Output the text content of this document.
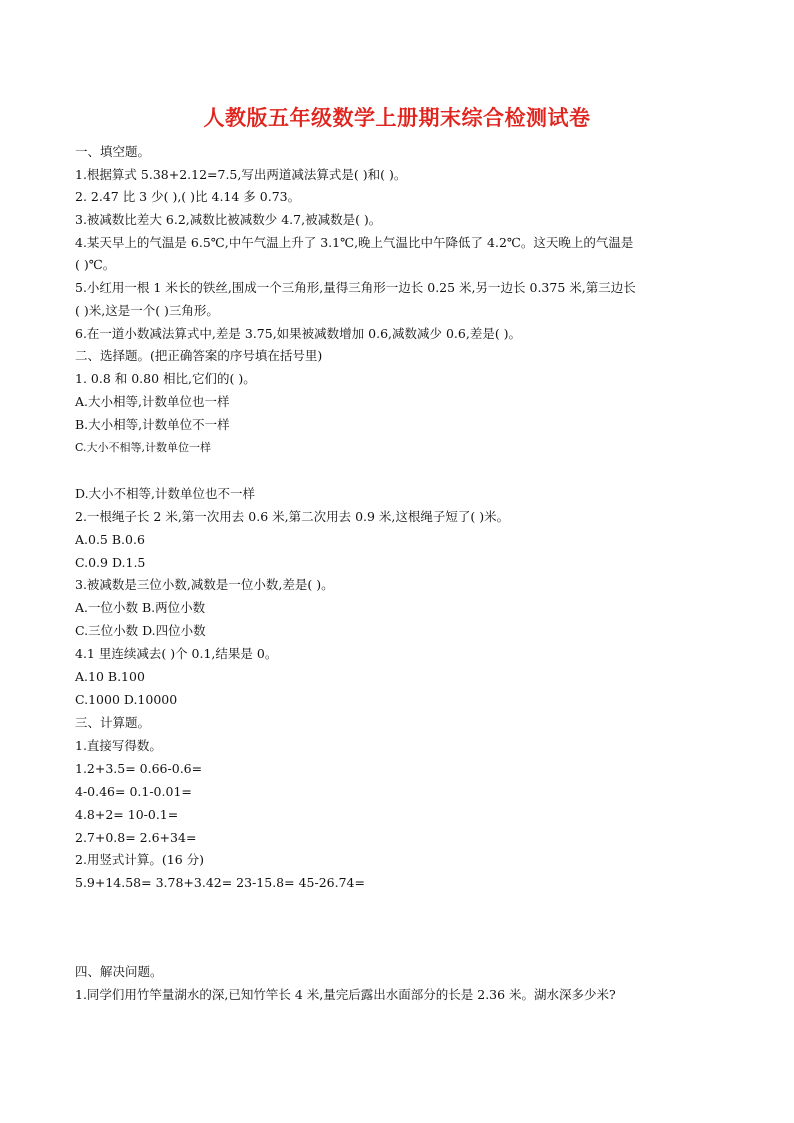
人教版五年级数学上册期末综合检测试卷
一、填空题。
1.根据算式 5.38+2.12=7.5,写出两道减法算式是( )和( )。
2. 2.47 比 3 少( ),( )比 4.14 多 0.73。
3.被减数比差大 6.2,减数比被减数少 4.7,被减数是( )。
4.某天早上的气温是 6.5℃,中午气温上升了 3.1℃,晚上气温比中午降低了 4.2℃。这天晚上的气温是
( )℃。
5.小红用一根 1 米长的铁丝,围成一个三角形,量得三角形一边长 0.25 米,另一边长 0.375 米,第三边长
( )米,这是一个( )三角形。
6.在一道小数减法算式中,差是 3.75,如果被减数增加 0.6,减数减少 0.6,差是( )。
二、选择题。(把正确答案的序号填在括号里)
1. 0.8 和 0.80 相比,它们的( )。
A.大小相等,计数单位也一样
B.大小相等,计数单位不一样
C.大小不相等,计数单位一样
D.大小不相等,计数单位也不一样
2.一根绳子长 2 米,第一次用去 0.6 米,第二次用去 0.9 米,这根绳子短了( )米。
A.0.5 B.0.6
C.0.9 D.1.5
3.被减数是三位小数,减数是一位小数,差是( )。
A.一位小数 B.两位小数
C.三位小数 D.四位小数
4.1 里连续减去( )个 0.1,结果是 0。
A.10 B.100
C.1000 D.10000
三、计算题。
1.直接写得数。
1.2+3.5= 0.66-0.6=
4-0.46= 0.1-0.01=
4.8+2= 10-0.1=
2.7+0.8= 2.6+34=
2.用竖式计算。(16 分)
5.9+14.58= 3.78+3.42= 23-15.8= 45-26.74=
四、解决问题。
1.同学们用竹竿量湖水的深,已知竹竿长 4 米,量完后露出水面部分的长是 2.36 米。湖水深多少米?
